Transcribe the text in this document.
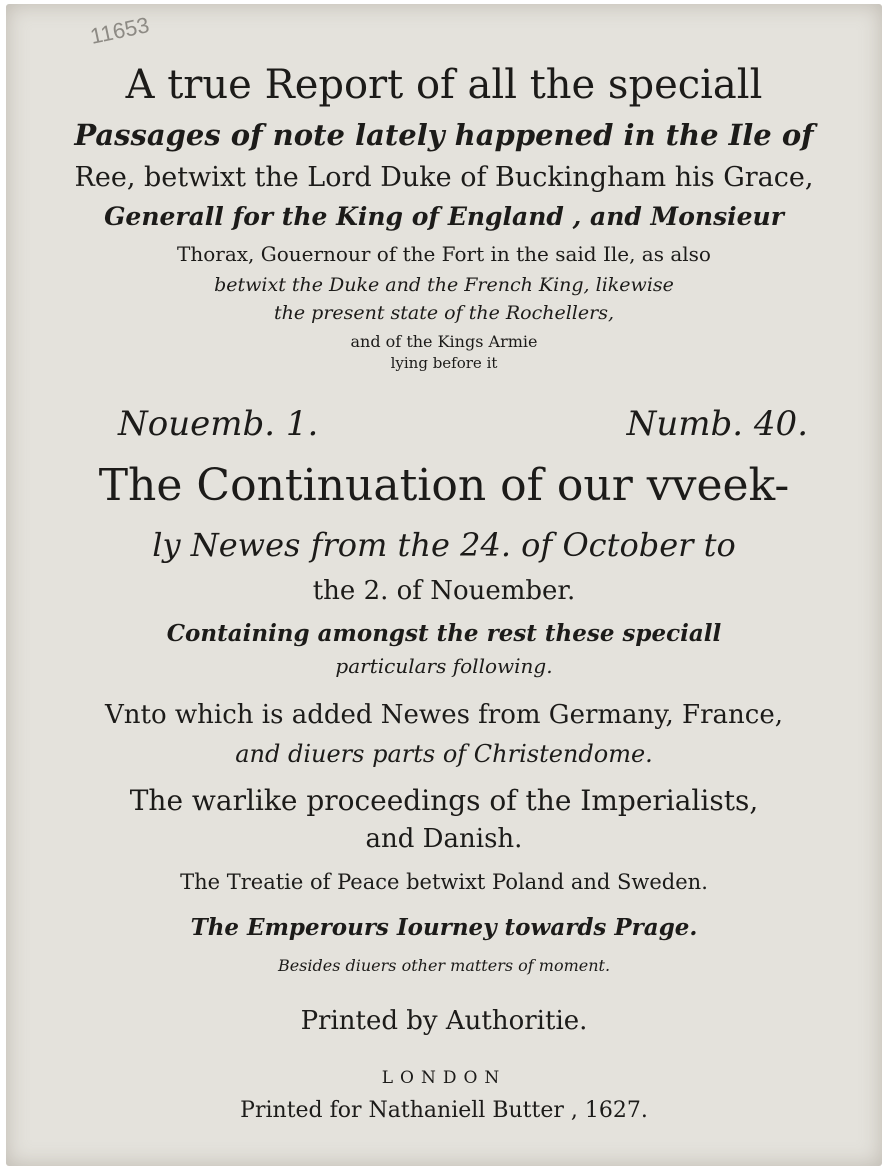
11653
A true Report of all the speciall
Passages of note lately happened in the Ile of
Ree, betwixt the Lord Duke of Buckingham his Grace,
Generall for the King of England , and Monsieur
Thorax, Gouernour of the Fort in the said Ile, as also
betwixt the Duke and the French King, likewise
the present state of the Rochellers,
and of the Kings Armie
lying before it
Nouemb. 1.	Numb. 40.
The Continuation of our vveek-
ly Newes from the 24. of October to
the 2. of Nouember.
Containing amongst the rest these speciall
particulars following.
Vnto which is added Newes from Germany, France,
and diuers parts of Christendome.
The warlike proceedings of the Imperialists,
and Danish.
The Treatie of Peace betwixt Poland and Sweden.
The Emperours Iourney towards Prage.
Besides diuers other matters of moment.
Printed by Authoritie.
LONDON
Printed for Nathaniell Butter , 1627.
